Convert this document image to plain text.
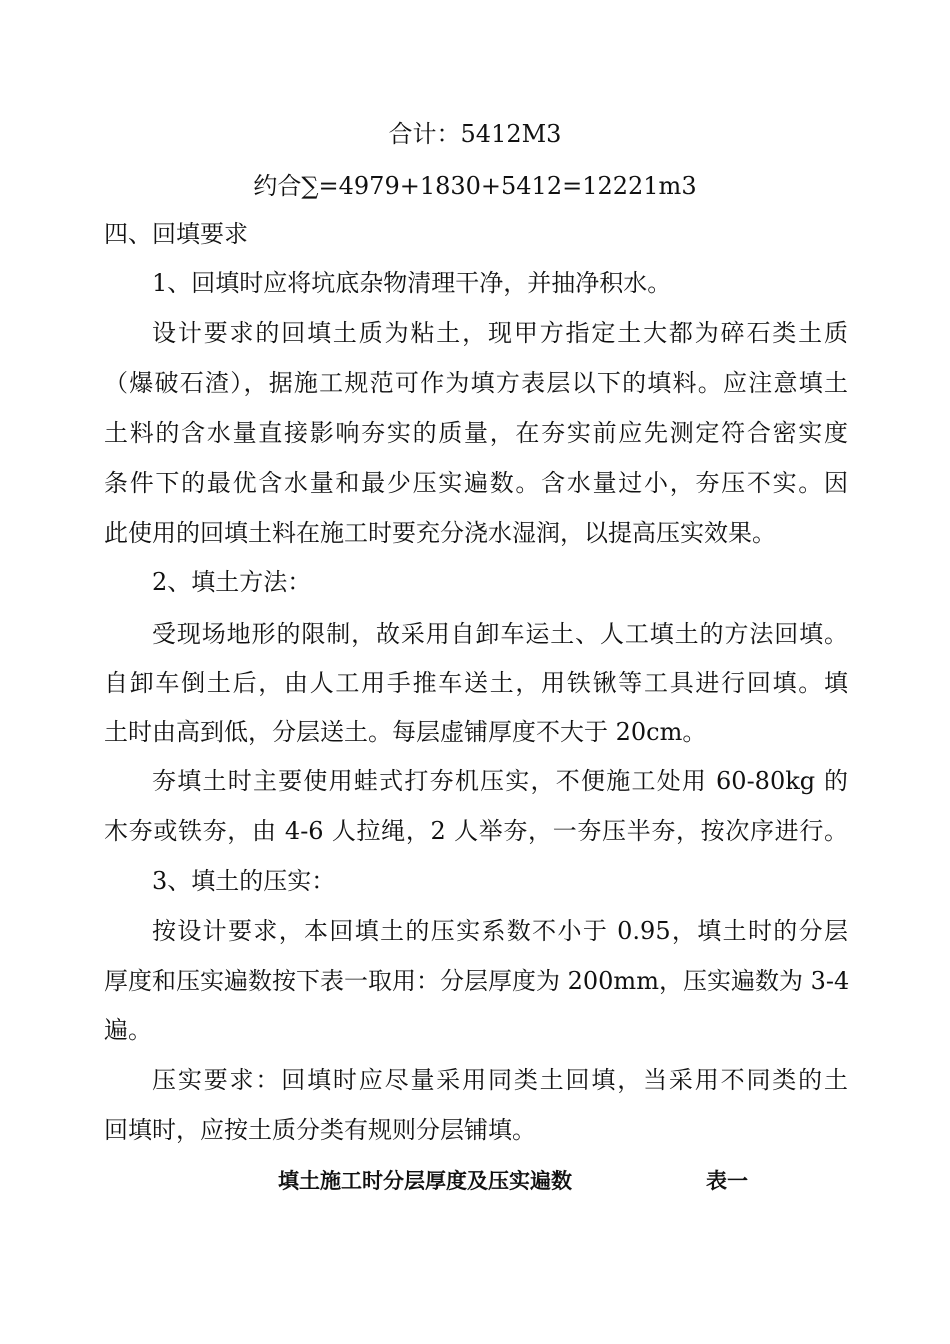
合计：5412M3
约合∑=4979+1830+5412=12221m3
四、回填要求
1、回填时应将坑底杂物清理干净，并抽净积水。
设计要求的回填土质为粘土，现甲方指定土大都为碎石类土质
（爆破石渣），据施工规范可作为填方表层以下的填料。应注意填土
土料的含水量直接影响夯实的质量，在夯实前应先测定符合密实度
条件下的最优含水量和最少压实遍数。含水量过小，夯压不实。因
此使用的回填土料在施工时要充分浇水湿润，以提高压实效果。
2、填土方法：
受现场地形的限制，故采用自卸车运土、人工填土的方法回填。
自卸车倒土后，由人工用手推车送土，用铁锹等工具进行回填。填
土时由高到低，分层送土。每层虚铺厚度不大于 20cm。
夯填土时主要使用蛙式打夯机压实，不便施工处用 60-80kg 的
木夯或铁夯，由 4-6 人拉绳，2 人举夯，一夯压半夯，按次序进行。
3、填土的压实：
按设计要求，本回填土的压实系数不小于 0.95，填土时的分层
厚度和压实遍数按下表一取用：分层厚度为 200mm，压实遍数为 3-4
遍。
压实要求：回填时应尽量采用同类土回填，当采用不同类的土
回填时，应按土质分类有规则分层铺填。
填土施工时分层厚度及压实遍数	表一
